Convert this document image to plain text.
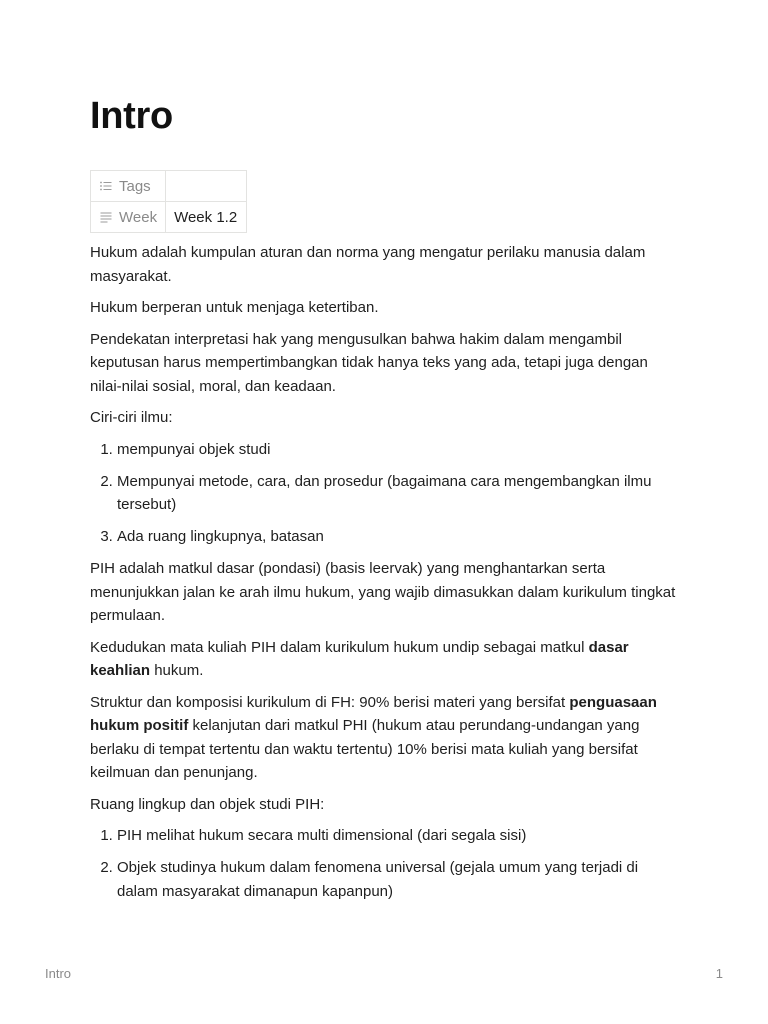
Intro
Tags	
Week	Week 1.2

Hukum adalah kumpulan aturan dan norma yang mengatur perilaku manusia dalam masyarakat.

Hukum berperan untuk menjaga ketertiban.

Pendekatan interpretasi hak yang mengusulkan bahwa hakim dalam mengambil keputusan harus mempertimbangkan tidak hanya teks yang ada, tetapi juga dengan nilai-nilai sosial, moral, dan keadaan.

Ciri-ciri ilmu:

1. mempunyai objek studi
2. Mempunyai metode, cara, dan prosedur (bagaimana cara mengembangkan ilmu tersebut)
3. Ada ruang lingkupnya, batasan

PIH adalah matkul dasar (pondasi) (basis leervak) yang menghantarkan serta menunjukkan jalan ke arah ilmu hukum, yang wajib dimasukkan dalam kurikulum tingkat permulaan.

Kedudukan mata kuliah PIH dalam kurikulum hukum undip sebagai matkul dasar keahlian hukum.

Struktur dan komposisi kurikulum di FH: 90% berisi materi yang bersifat penguasaan hukum positif kelanjutan dari matkul PHI (hukum atau perundang-undangan yang berlaku di tempat tertentu dan waktu tertentu) 10% berisi mata kuliah yang bersifat keilmuan dan penunjang.

Ruang lingkup dan objek studi PIH:

1. PIH melihat hukum secara multi dimensional (dari segala sisi)
2. Objek studinya hukum dalam fenomena universal (gejala umum yang terjadi di dalam masyarakat dimanapun kapanpun)
Intro	1
